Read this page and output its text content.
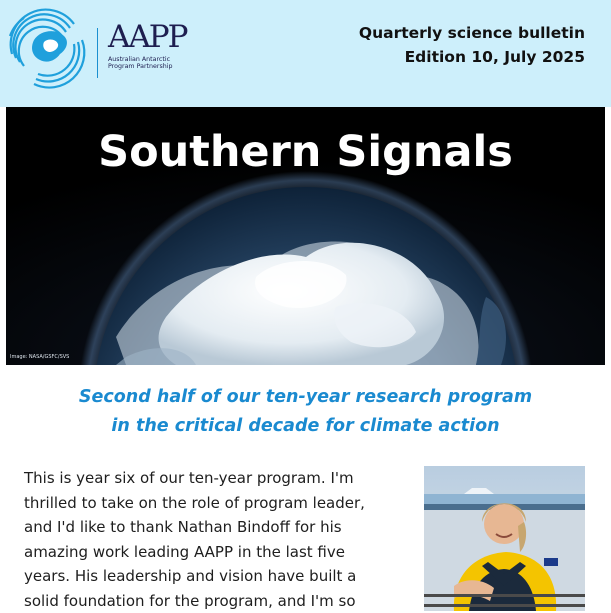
AAPP
Australian Antarctic
Program Partnership
Quarterly science bulletin
Edition 10, July 2025
Southern Signals
Image: NASA/GSFC/SVS
Second half of our ten-year research program
in the critical decade for climate action
This is year six of our ten-year program. I'm
thrilled to take on the role of program leader,
and I'd like to thank Nathan Bindoff for his
amazing work leading AAPP in the last five
years. His leadership and vision have built a
solid foundation for the program, and I'm so
